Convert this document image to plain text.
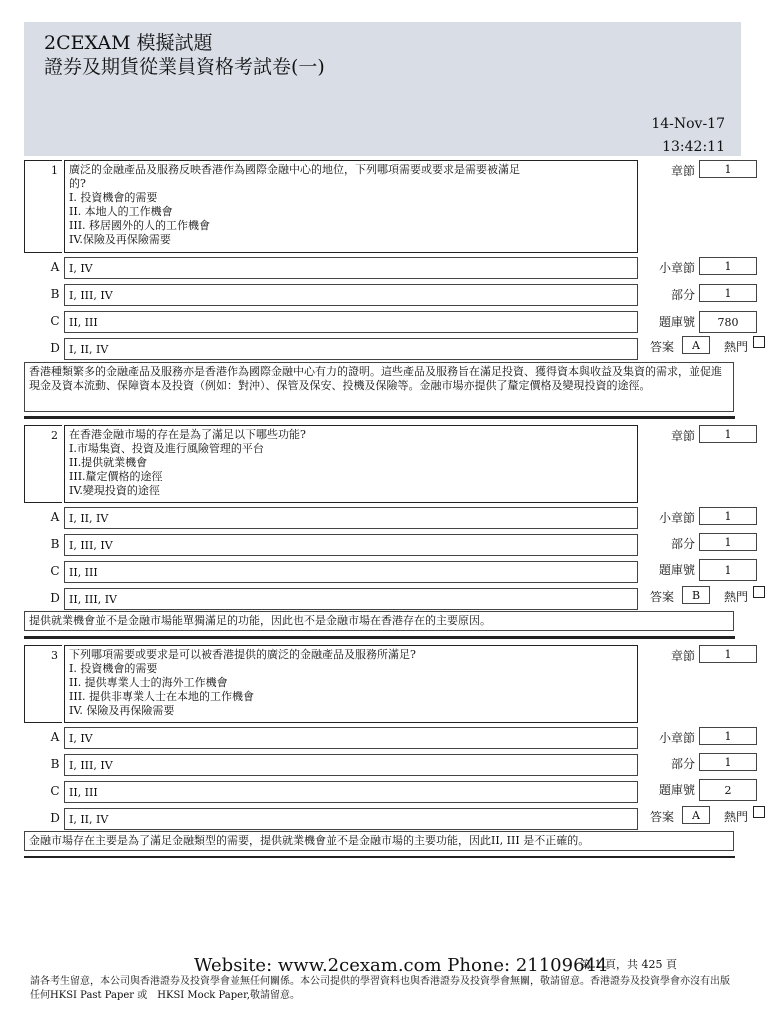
2CEXAM 模擬試題
證券及期貨從業員資格考試卷(一)
14-Nov-17
13:42:11
1	廣泛的金融產品及服務反映香港作為國際金融中心的地位，下列哪項需要或要求是需要被滿足
的?
I. 投資機會的需要
II. 本地人的工作機會
III. 移居國外的人的工作機會
IV.保險及再保險需要
A I, IV
B I, III, IV
C II, III
D I, II, IV
章節	1
小章節	1
部分	1
題庫號	780
答案	A	熱門
香港種類繁多的金融產品及服務亦是香港作為國際金融中心有力的證明。這些產品及服務旨在滿足投資、獲得資本與收益及集資的需求，並促進現金及資本流動、保障資本及投資（例如：對沖）、保管及保安、投機及保險等。金融市場亦提供了釐定價格及變現投資的途徑。
2	在香港金融市場的存在是為了滿足以下哪些功能?
I.市場集資、投資及進行風險管理的平台
II.提供就業機會
III.釐定價格的途徑
IV.變現投資的途徑
A I, II, IV
B I, III, IV
C II, III
D II, III, IV
章節	1
小章節	1
部分	1
題庫號	1
答案	B	熱門
提供就業機會並不是金融市場能單獨滿足的功能，因此也不是金融市場在香港存在的主要原因。
3	下列哪項需要或要求是可以被香港提供的廣泛的金融產品及服務所滿足?
I. 投資機會的需要
II. 提供專業人士的海外工作機會
III. 提供非專業人士在本地的工作機會
IV. 保險及再保險需要
A I, IV
B I, III, IV
C II, III
D I, II, IV
章節	1
小章節	1
部分	1
題庫號	2
答案	A	熱門
金融市場存在主要是為了滿足金融類型的需要，提供就業機會並不是金融市場的主要功能，因此II, III 是不正確的。
Website: www.2cexam.com Phone: 21109644
第 1 頁，共 425 頁
請各考生留意，本公司與香港證券及投資學會並無任何關係。本公司提供的學習資料也與香港證券及投資學會無關，敬請留意。香港證券及投資學會亦沒有出版任何HKSI Past Paper 或　HKSI Mock Paper,敬請留意。
